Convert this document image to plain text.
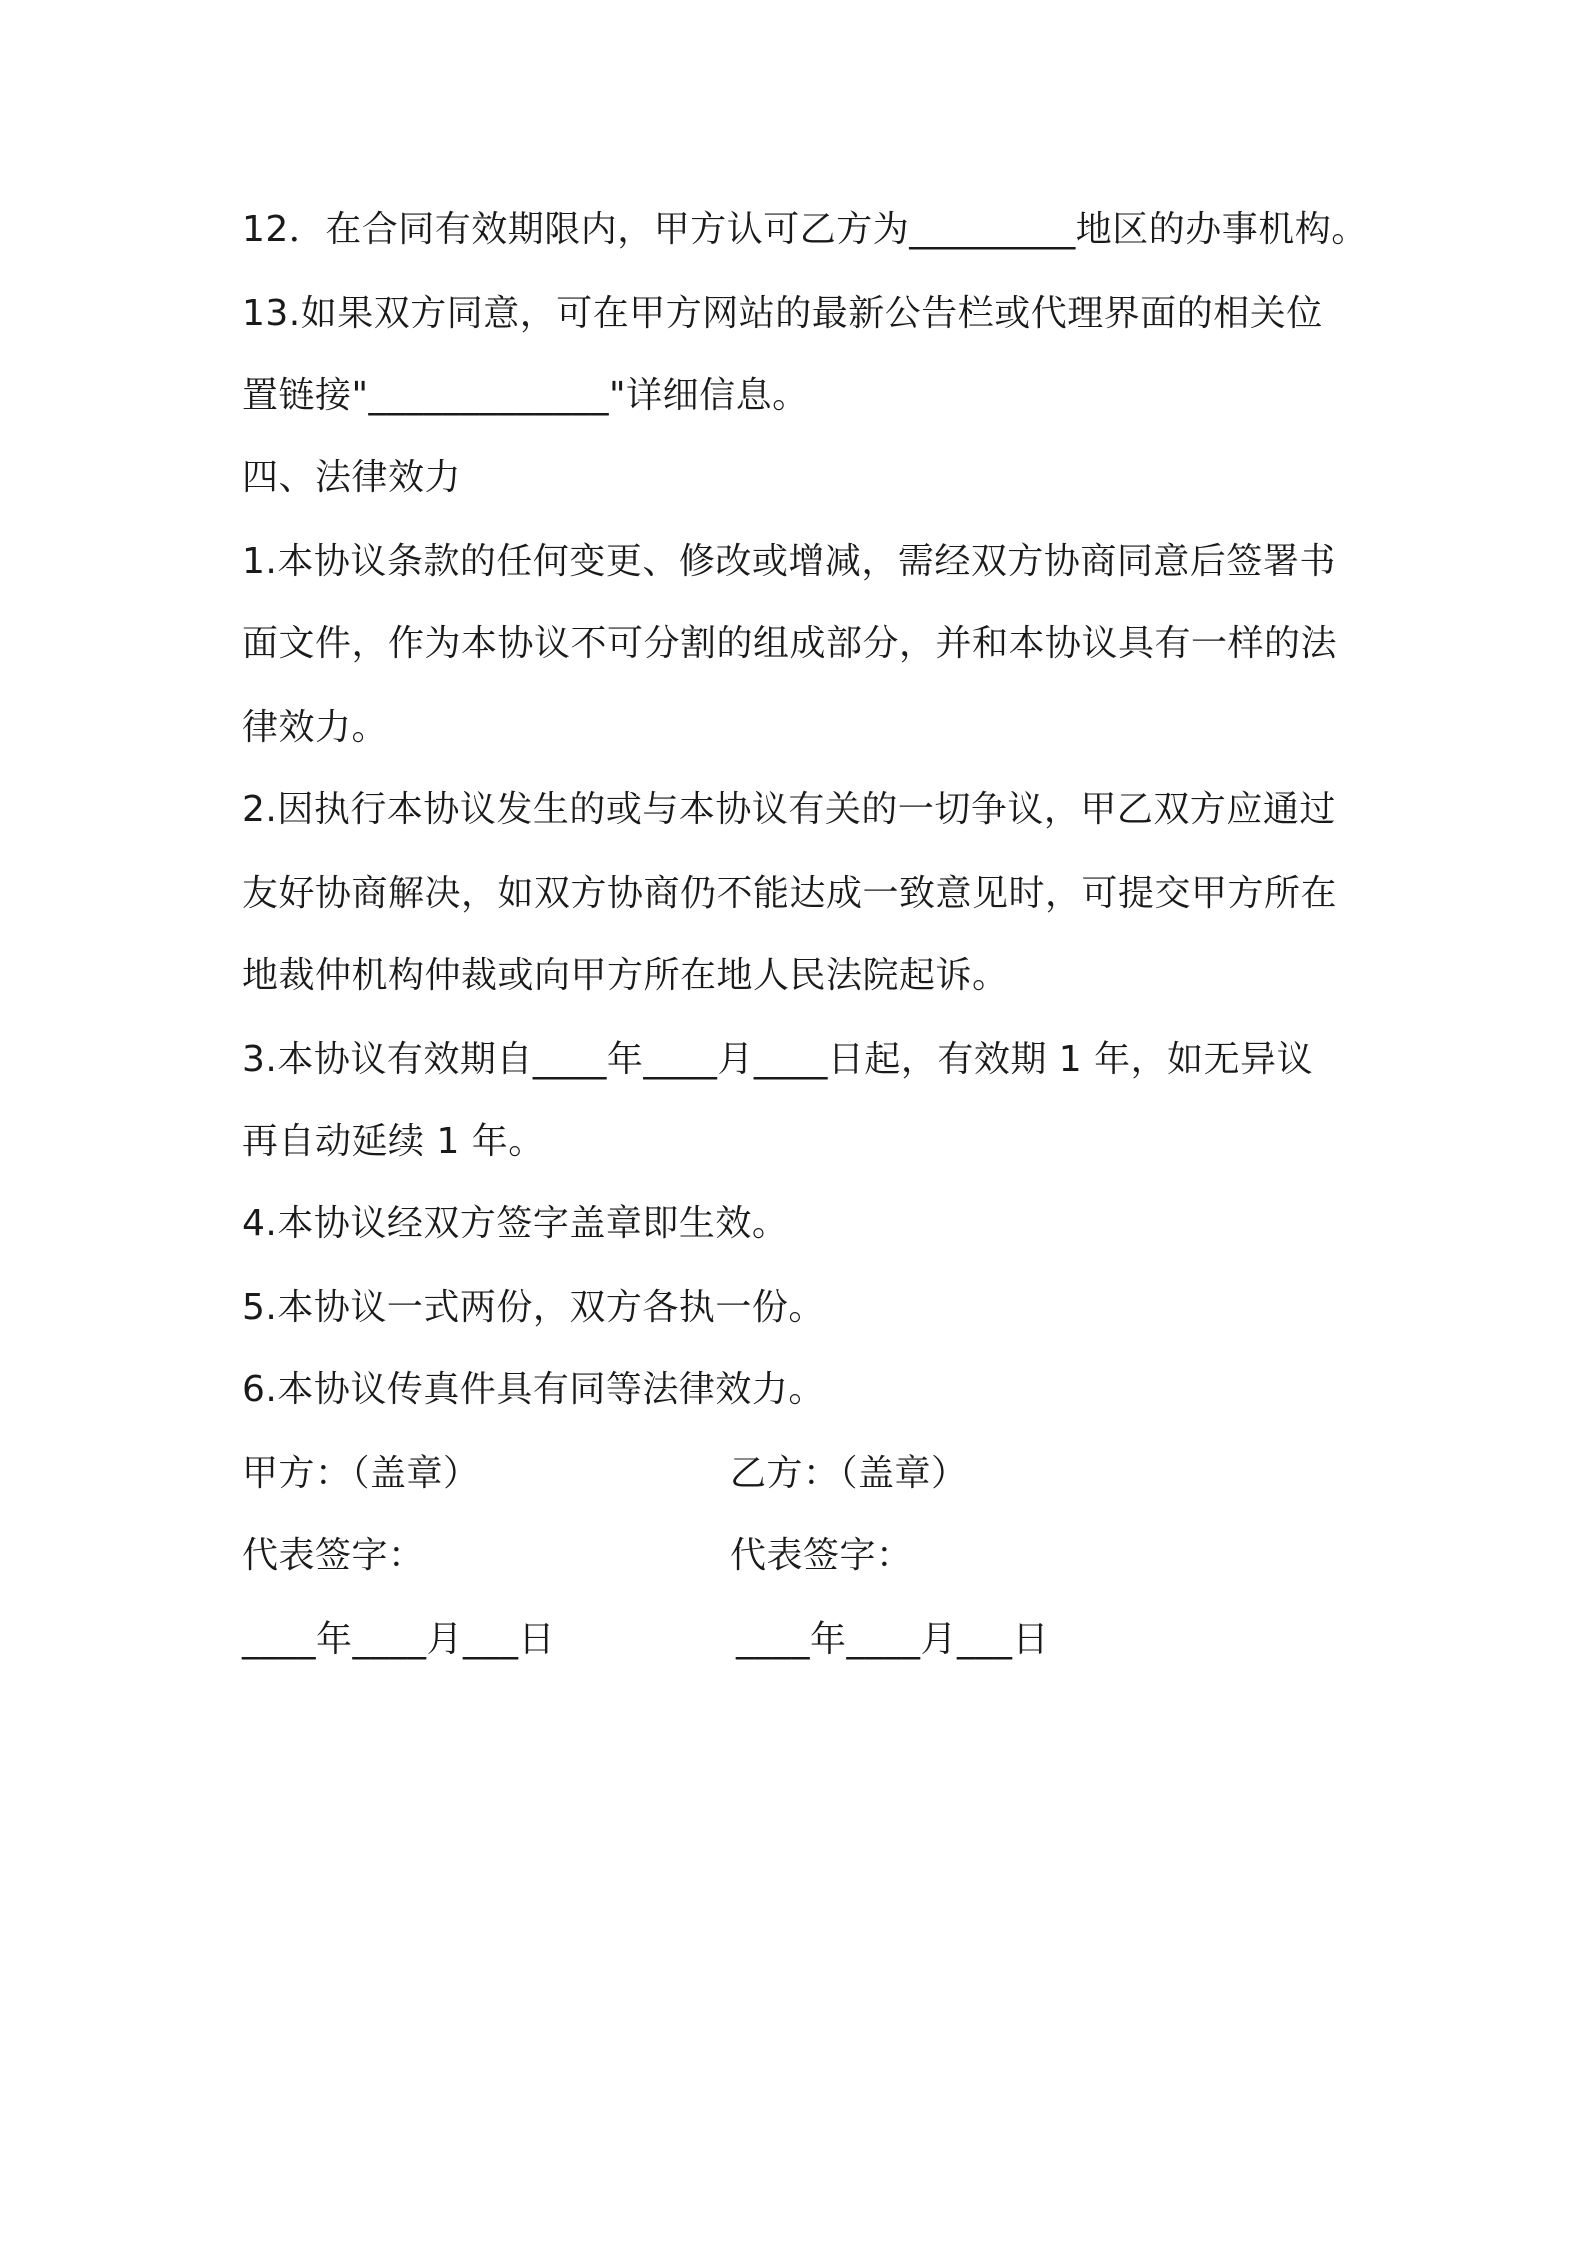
12．在合同有效期限内，甲方认可乙方为_________地区的办事机构。
13.如果双方同意，可在甲方网站的最新公告栏或代理界面的相关位
置链接"_____________"详细信息。
四、法律效力
1.本协议条款的任何变更、修改或增减，需经双方协商同意后签署书
面文件，作为本协议不可分割的组成部分，并和本协议具有一样的法
律效力。
2.因执行本协议发生的或与本协议有关的一切争议，甲乙双方应通过
友好协商解决，如双方协商仍不能达成一致意见时，可提交甲方所在
地裁仲机构仲裁或向甲方所在地人民法院起诉。
3.本协议有效期自____年____月____日起，有效期 1 年，如无异议
再自动延续 1 年。
4.本协议经双方签字盖章即生效。
5.本协议一式两份，双方各执一份。
6.本协议传真件具有同等法律效力。
甲方：（盖章）	乙方：（盖章）
代表签字：	代表签字：
____年____月___日	____年____月___日
